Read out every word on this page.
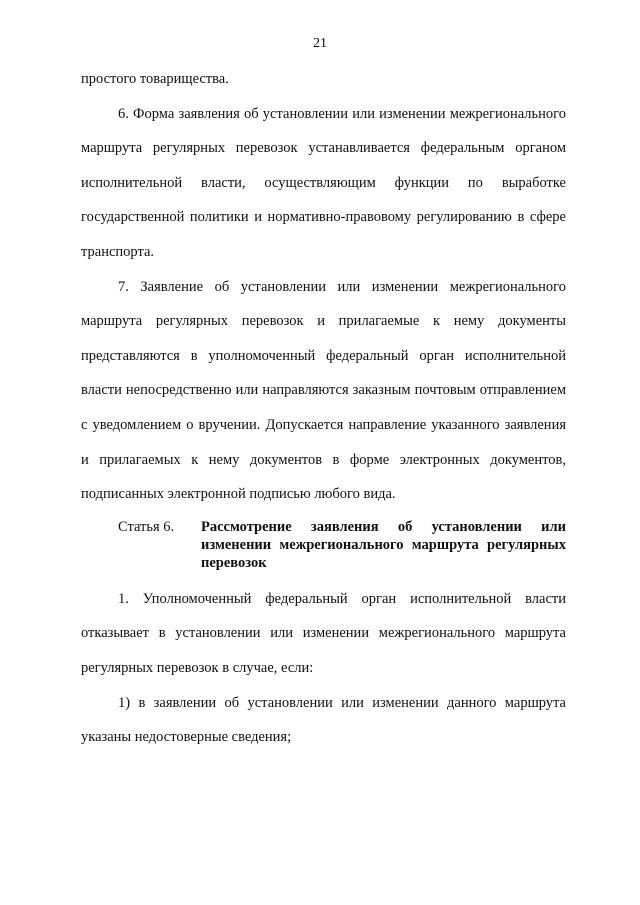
21

простого товарищества.

6. Форма заявления об установлении или изменении межрегионального маршрута регулярных перевозок устанавливается федеральным органом исполнительной власти, осуществляющим функции по выработке государственной политики и нормативно-правовому регулированию в сфере транспорта.

7. Заявление об установлении или изменении межрегионального маршрута регулярных перевозок и прилагаемые к нему документы представляются в уполномоченный федеральный орган исполнительной власти непосредственно или направляются заказным почтовым отправлением с уведомлением о вручении. Допускается направление указанного заявления и прилагаемых к нему документов в форме электронных документов, подписанных электронной подписью любого вида.

Статья 6.	Рассмотрение заявления об установлении или изменении межрегионального маршрута регулярных перевозок

1. Уполномоченный федеральный орган исполнительной власти отказывает в установлении или изменении межрегионального маршрута регулярных перевозок в случае, если:

1) в заявлении об установлении или изменении данного маршрута указаны недостоверные сведения;
